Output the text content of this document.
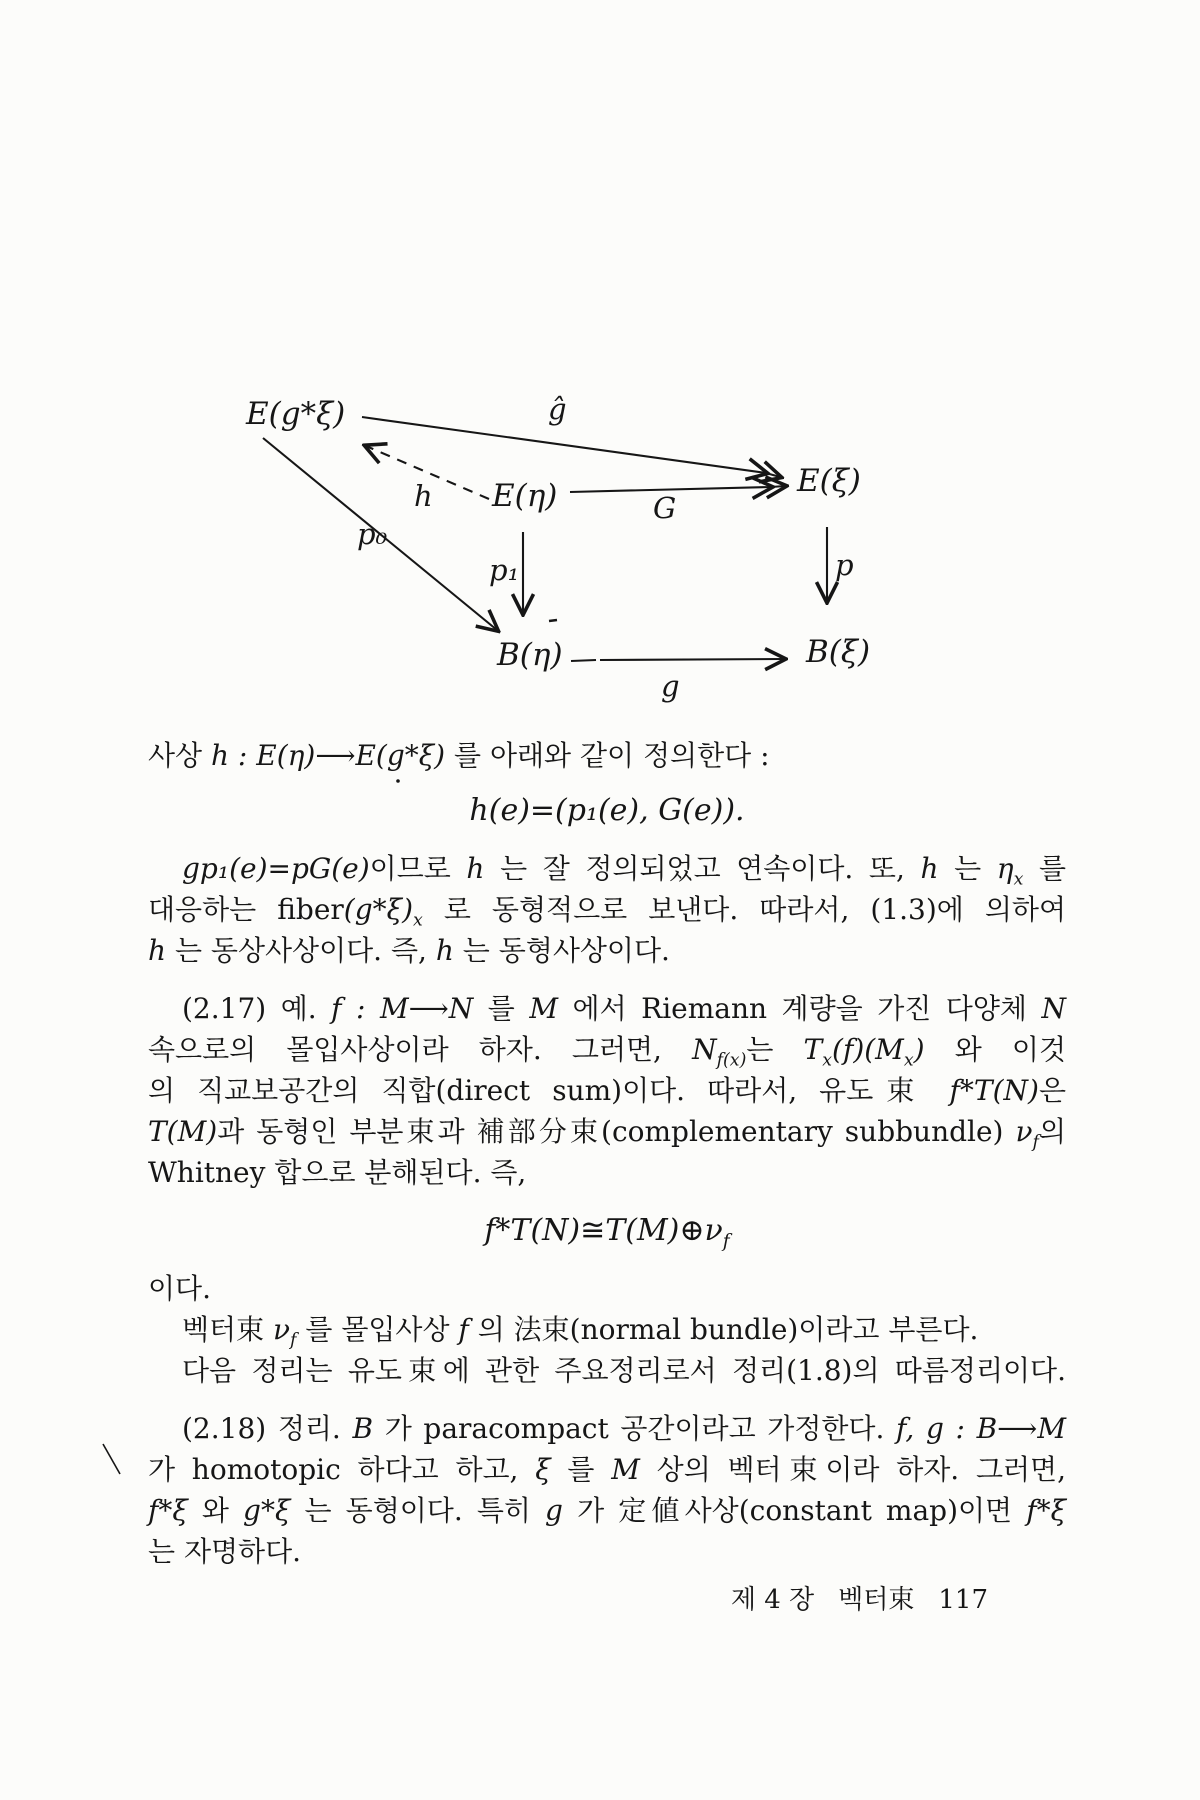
E(g*ξ)
E(η)	E(ξ)
B(η)	B(ξ)
ĝ
G
h
p₀
p₁	p
g
사상 h : E(η)⟶E(g*ξ) 를 아래와 같이 정의한다 :
h(e)=(p₁(e), G(e)).
gp₁(e)=pG(e)이므로 h 는 잘 정의되었고 연속이다. 또, h 는 $\eta_x$ 를
대응하는 $fiber(g*\xi)_x$ 로 동형적으로 보낸다. 따라서, (1.3)에 의하여
h 는 동상사상이다. 즉, h 는 동형사상이다.
(2.17) 예. f : M⟶N 를 M 에서 Riemann 계량을 가진 다양체 N
속으로의 몰입사상이라 하자. 그러면, $N_{f(x)}$는 $T_x(f)(M_x)$ 와 이것
의 직교보공간의 직합(direct sum)이다. 따라서, 유도束 f*T(N)은
T(M)과 동형인 부분束과 補部分束(complementary subbundle) $\nu_f$의
Whitney 합으로 분해된다. 즉,
$f*T(N)≅T(M)\oplus\nu_f$
이다.
벡터束 $\nu_f$ 를 몰입사상 f 의 法束(normal bundle)이라고 부른다.
다음 정리는 유도束에 관한 주요정리로서 정리(1.8)의 따름정리이다.
(2.18) 정리. B 가 paracompact 공간이라고 가정한다. f, g : B⟶M
가 homotopic 하다고 하고, ξ 를 M 상의 벡터束이라 하자. 그러면,
f*ξ 와 g*ξ 는 동형이다. 특히 g 가 定値사상(constant map)이면 f*ξ
는 자명하다.
제 4 장 벡터束 117
